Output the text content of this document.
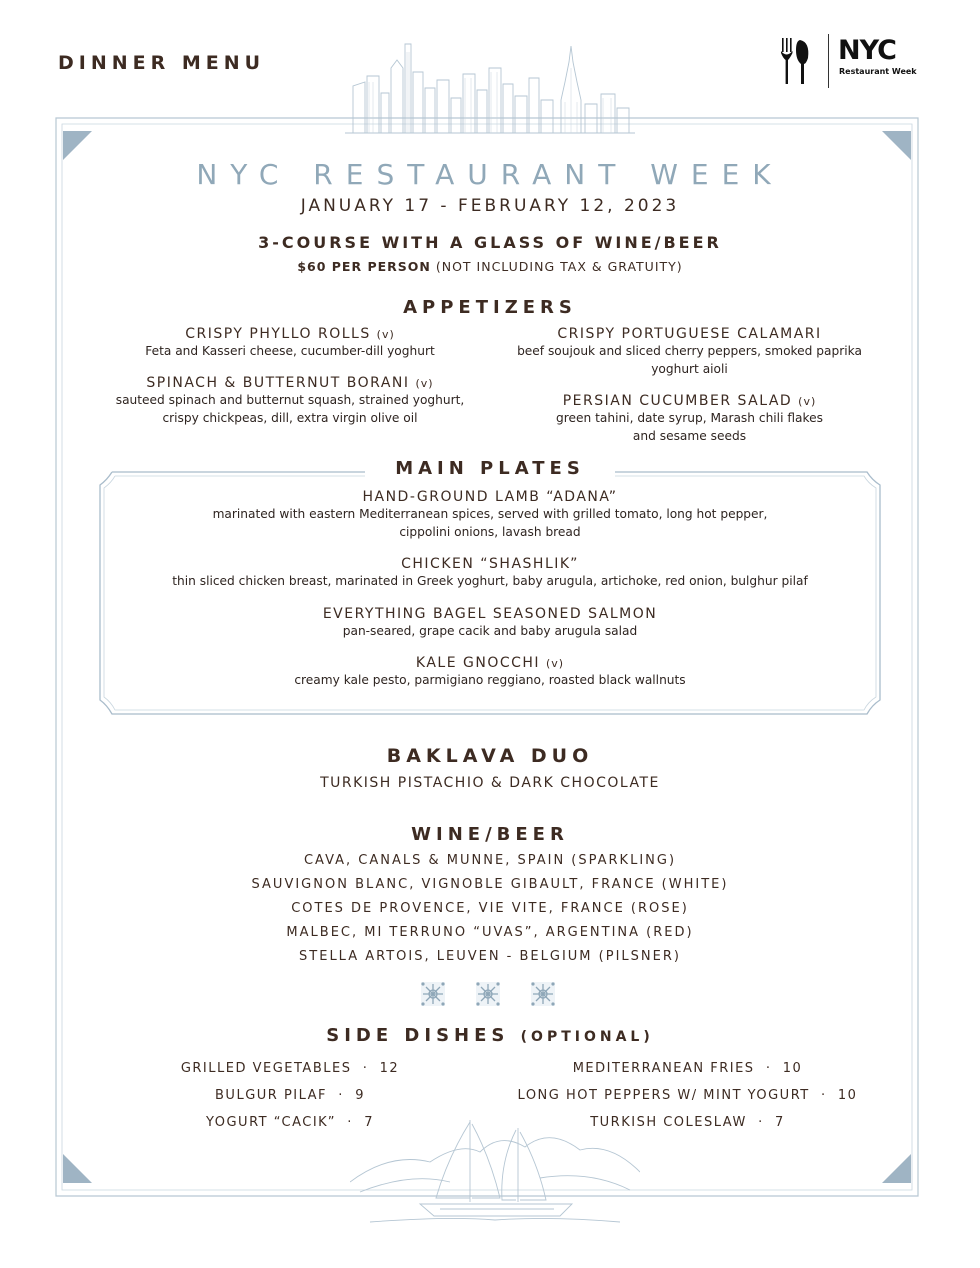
DINNER MENU	NYC
Restaurant Week
NYC RESTAURANT WEEK
JANUARY 17 - FEBRUARY 12, 2023
3-COURSE WITH A GLASS OF WINE/BEER
$60 PER PERSON (NOT INCLUDING TAX & GRATUITY)
APPETIZERS
CRISPY PHYLLO ROLLS (v)
Feta and Kasseri cheese, cucumber-dill yoghurt
CRISPY PORTUGUESE CALAMARI
beef soujouk and sliced cherry peppers, smoked paprika yoghurt aioli
SPINACH & BUTTERNUT BORANI (v)
sauteed spinach and butternut squash, strained yoghurt, crispy chickpeas, dill, extra virgin olive oil
PERSIAN CUCUMBER SALAD (v)
green tahini, date syrup, Marash chili flakes and sesame seeds
MAIN PLATES
HAND-GROUND LAMB “ADANA”
marinated with eastern Mediterranean spices, served with grilled tomato, long hot pepper, cippolini onions, lavash bread
CHICKEN “SHASHLIK”
thin sliced chicken breast, marinated in Greek yoghurt, baby arugula, artichoke, red onion, bulghur pilaf
EVERYTHING BAGEL SEASONED SALMON
pan-seared, grape cacik and baby arugula salad
KALE GNOCCHI (v)
creamy kale pesto, parmigiano reggiano, roasted black wallnuts
BAKLAVA DUO
TURKISH PISTACHIO & DARK CHOCOLATE
WINE/BEER
CAVA, CANALS & MUNNE, SPAIN (SPARKLING)
SAUVIGNON BLANC, VIGNOBLE GIBAULT, FRANCE (WHITE)
COTES DE PROVENCE, VIE VITE, FRANCE (ROSE)
MALBEC, MI TERRUNO “UVAS”, ARGENTINA (RED)
STELLA ARTOIS, LEUVEN - BELGIUM (PILSNER)
SIDE DISHES (OPTIONAL)
GRILLED VEGETABLES  ·  12
BULGUR PILAF  ·  9
YOGURT “CACIK”  ·  7
MEDITERRANEAN FRIES  ·  10
LONG HOT PEPPERS W/ MINT YOGURT  ·  10
TURKISH COLESLAW  ·  7
